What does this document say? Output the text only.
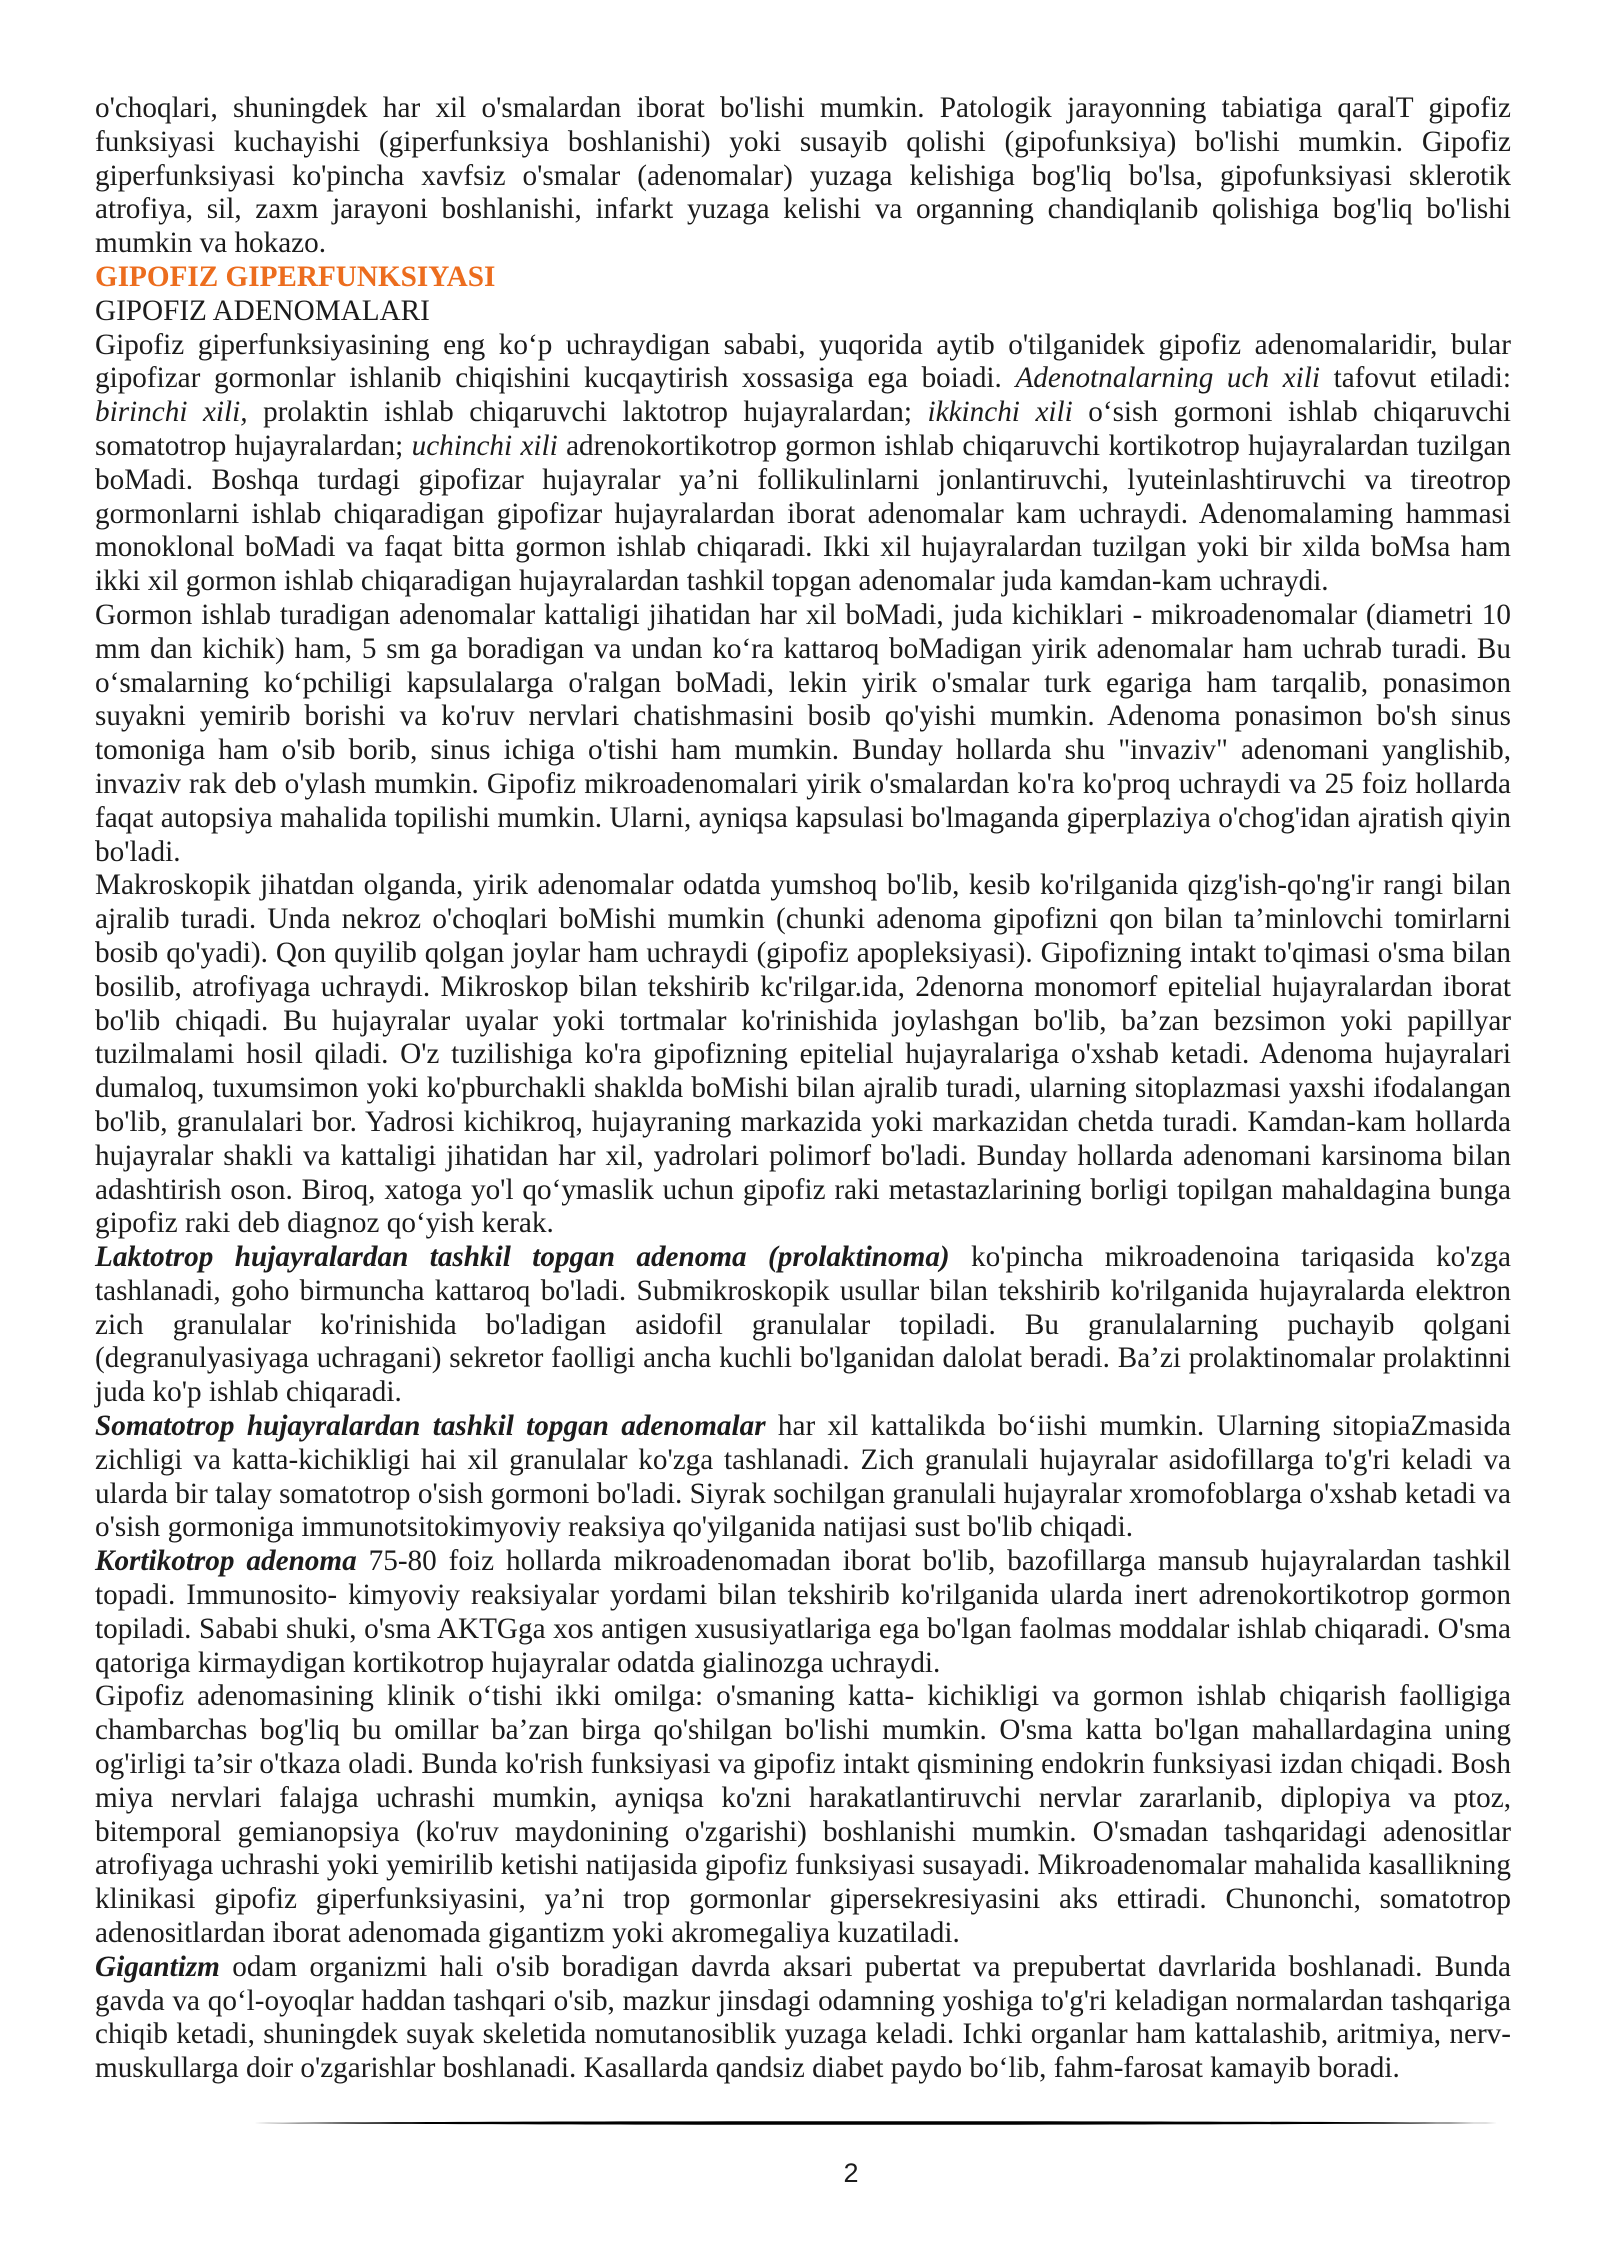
o'choqlari, shuningdek har xil o'smalardan iborat bo'lishi mumkin. Patologik jarayonning tabiatiga qaralT gipofiz funksiyasi kuchayishi (giperfunksiya boshlanishi) yoki susayib qolishi (gipofunksiya) bo'lishi mumkin. Gipofiz giperfunksiyasi ko'pincha xavfsiz o'smalar (adenomalar) yuzaga kelishiga bog'liq bo'lsa, gipofunksiyasi sklerotik atrofiya, sil, zaxm jarayoni boshlanishi, infarkt yuzaga kelishi va organning chandiqlanib qolishiga bog'liq bo'lishi mumkin va hokazo.

GIPOFIZ GIPERFUNKSIYASI

GIPOFIZ ADENOMALARI

Gipofiz giperfunksiyasining eng ko‘p uchraydigan sababi, yuqorida aytib o'tilganidek gipofiz adenomalaridir, bular gipofizar gormonlar ishlanib chiqishini kucqaytirish xossasiga ega boiadi. Adenotnalarning uch xili tafovut etiladi: birinchi xili, prolaktin ishlab chiqaruvchi laktotrop hujayralardan; ikkinchi xili o‘sish gormoni ishlab chiqaruvchi somatotrop hujayralardan; uchinchi xili adrenokortikotrop gormon ishlab chiqaruvchi kortikotrop hujayralardan tuzilgan boMadi. Boshqa turdagi gipofizar hujayralar ya’ni follikulinlarni jonlantiruvchi, lyuteinlashtiruvchi va tireotrop gormonlarni ishlab chiqaradigan gipofizar hujayralardan iborat adenomalar kam uchraydi. Adenomalaming hammasi monoklonal boMadi va faqat bitta gormon ishlab chiqaradi. Ikki xil hujayralardan tuzilgan yoki bir xilda boMsa ham ikki xil gormon ishlab chiqaradigan hujayralardan tashkil topgan adenomalar juda kamdan-kam uchraydi.

Gormon ishlab turadigan adenomalar kattaligi jihatidan har xil boMadi, juda kichiklari - mikroadenomalar (diametri 10 mm dan kichik) ham, 5 sm ga boradigan va undan ko‘ra kattaroq boMadigan yirik adenomalar ham uchrab turadi. Bu o‘smalarning ko‘pchiligi kapsulalarga o'ralgan boMadi, lekin yirik o'smalar turk egariga ham tarqalib, ponasimon suyakni yemirib borishi va ko'ruv nervlari chatishmasini bosib qo'yishi mumkin. Adenoma ponasimon bo'sh sinus tomoniga ham o'sib borib, sinus ichiga o'tishi ham mumkin. Bunday hollarda shu "invaziv" adenomani yanglishib, invaziv rak deb o'ylash mumkin. Gipofiz mikroadenomalari yirik o'smalardan ko'ra ko'proq uchraydi va 25 foiz hollarda faqat autopsiya mahalida topilishi mumkin. Ularni, ayniqsa kapsulasi bo'lmaganda giperplaziya o'chog'idan ajratish qiyin bo'ladi.

Makroskopik jihatdan olganda, yirik adenomalar odatda yumshoq bo'lib, kesib ko'rilganida qizg'ish-qo'ng'ir rangi bilan ajralib turadi. Unda nekroz o'choqlari boMishi mumkin (chunki adenoma gipofizni qon bilan ta’minlovchi tomirlarni bosib qo'yadi). Qon quyilib qolgan joylar ham uchraydi (gipofiz apopleksiyasi). Gipofizning intakt to'qimasi o'sma bilan bosilib, atrofiyaga uchraydi. Mikroskop bilan tekshirib kc'rilgar.ida, 2denorna monomorf epitelial hujayralardan iborat bo'lib chiqadi. Bu hujayralar uyalar yoki tortmalar ko'rinishida joylashgan bo'lib, ba’zan bezsimon yoki papillyar tuzilmalami hosil qiladi. O'z tuzilishiga ko'ra gipofizning epitelial hujayralariga o'xshab ketadi. Adenoma hujayralari dumaloq, tuxumsimon yoki ko'pburchakli shaklda boMishi bilan ajralib turadi, ularning sitoplazmasi yaxshi ifodalangan bo'lib, granulalari bor. Yadrosi kichikroq, hujayraning markazida yoki markazidan chetda turadi. Kamdan-kam hollarda hujayralar shakli va kattaligi jihatidan har xil, yadrolari polimorf bo'ladi. Bunday hollarda adenomani karsinoma bilan adashtirish oson. Biroq, xatoga yo'l qo‘ymaslik uchun gipofiz raki metastazlarining borligi topilgan mahaldagina bunga gipofiz raki deb diagnoz qo‘yish kerak.

Laktotrop hujayralardan tashkil topgan adenoma (prolaktinoma) ko'pincha mikroadenoina tariqasida ko'zga tashlanadi, goho birmuncha kattaroq bo'ladi. Submikroskopik usullar bilan tekshirib ko'rilganida hujayralarda elektron zich granulalar ko'rinishida bo'ladigan asidofil granulalar topiladi. Bu granulalarning puchayib qolgani (degranulyasiyaga uchragani) sekretor faolligi ancha kuchli bo'lganidan dalolat beradi. Ba’zi prolaktinomalar prolaktinni juda ko'p ishlab chiqaradi.

Somatotrop hujayralardan tashkil topgan adenomalar har xil kattalikda bo‘iishi mumkin. Ularning sitopiaZmasida zichligi va katta-kichikligi hai xil granulalar ko'zga tashlanadi. Zich granulali hujayralar asidofillarga to'g'ri keladi va ularda bir talay somatotrop o'sish gormoni bo'ladi. Siyrak sochilgan granulali hujayralar xromofoblarga o'xshab ketadi va o'sish gormoniga immunotsitokimyoviy reaksiya qo'yilganida natijasi sust bo'lib chiqadi.

Kortikotrop adenoma 75-80 foiz hollarda mikroadenomadan iborat bo'lib, bazofillarga mansub hujayralardan tashkil topadi. Immunosito- kimyoviy reaksiyalar yordami bilan tekshirib ko'rilganida ularda inert adrenokortikotrop gormon topiladi. Sababi shuki, o'sma AKTGga xos antigen xususiyatlariga ega bo'lgan faolmas moddalar ishlab chiqaradi. O'sma qatoriga kirmaydigan kortikotrop hujayralar odatda gialinozga uchraydi.

Gipofiz adenomasining klinik o‘tishi ikki omilga: o'smaning katta- kichikligi va gormon ishlab chiqarish faolligiga chambarchas bog'liq bu omillar ba’zan birga qo'shilgan bo'lishi mumkin. O'sma katta bo'lgan mahallardagina uning og'irligi ta’sir o'tkaza oladi. Bunda ko'rish funksiyasi va gipofiz intakt qismining endokrin funksiyasi izdan chiqadi. Bosh miya nervlari falajga uchrashi mumkin, ayniqsa ko'zni harakatlantiruvchi nervlar zararlanib, diplopiya va ptoz, bitemporal gemianopsiya (ko'ruv maydonining o'zgarishi) boshlanishi mumkin. O'smadan tashqaridagi adenositlar atrofiyaga uchrashi yoki yemirilib ketishi natijasida gipofiz funksiyasi susayadi. Mikroadenomalar mahalida kasallikning klinikasi gipofiz giperfunksiyasini, ya’ni trop gormonlar gipersekresiyasini aks ettiradi. Chunonchi, somatotrop adenositlardan iborat adenomada gigantizm yoki akromegaliya kuzatiladi.

Gigantizm odam organizmi hali o'sib boradigan davrda aksari pubertat va prepubertat davrlarida boshlanadi. Bunda gavda va qo‘l-oyoqlar haddan tashqari o'sib, mazkur jinsdagi odamning yoshiga to'g'ri keladigan normalardan tashqariga chiqib ketadi, shuningdek suyak skeletida nomutanosiblik yuzaga keladi. Ichki organlar ham kattalashib, aritmiya, nerv-muskullarga doir o'zgarishlar boshlanadi. Kasallarda qandsiz diabet paydo bo‘lib, fahm-farosat kamayib boradi.

2
